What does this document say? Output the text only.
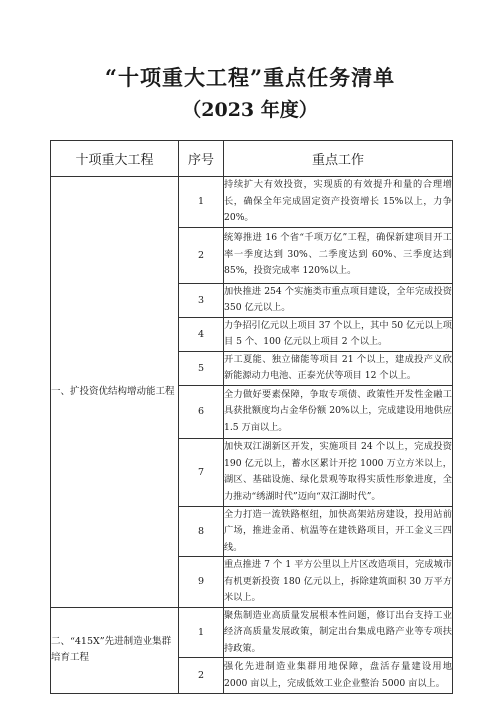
“十项重大工程”重点任务清单
（2023 年度）
十项重大工程	序号	重点工作
一、扩投资优结构增动能工程	1	持续扩大有效投资，实现质的有效提升和量的合理增长，确保全年完成固定资产投资增长 15%以上，力争 20%。
	2	统筹推进 16 个省“千项万亿”工程，确保新建项目开工率一季度达到 30%、二季度达到 60%、三季度达到 85%，投资完成率 120%以上。
	3	加快推进 254 个实施类市重点项目建设，全年完成投资 350 亿元以上。
	4	力争招引亿元以上项目 37 个以上，其中 50 亿元以上项目 5 个、100 亿元以上项目 2 个以上。
	5	开工夏能、独立储能等项目 21 个以上，建成投产义欣新能源动力电池、正泰光伏等项目 12 个以上。
	6	全力做好要素保障，争取专项债、政策性开发性金融工具获批额度均占金华份额 20%以上，完成建设用地供应 1.5 万亩以上。
	7	加快双江湖新区开发，实施项目 24 个以上，完成投资 190 亿元以上，蓄水区累计开挖 1000 万立方米以上，湖区、基础设施、绿化景观等取得实质性形象进度，全力推动“绣湖时代”迈向“双江湖时代”。
	8	全力打造一流铁路枢纽，加快高架站房建设，投用站前广场，推进金甬、杭温等在建铁路项目，开工金义三四线。
	9	重点推进 7 个 1 平方公里以上片区改造项目，完成城市有机更新投资 180 亿元以上，拆除建筑面积 30 万平方米以上。
二、“415X”先进制造业集群培育工程	1	聚焦制造业高质量发展根本性问题，修订出台支持工业经济高质量发展政策，制定出台集成电路产业等专项扶持政策。
	2	强化先进制造业集群用地保障，盘活存量建设用地 2000 亩以上，完成低效工业企业整治 5000 亩以上。
